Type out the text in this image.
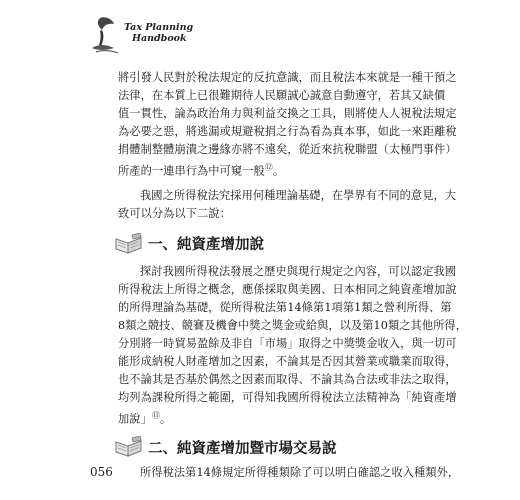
Tax Planning
Handbook

將引發人民對於稅法規定的反抗意識，而且稅法本來就是一種干預之
法律，在本質上已很難期待人民願誠心誠意自動遵守，若其又缺價
值一貫性，論為政治角力與利益交換之工具，則將使人人視稅法規定
為必要之惡，將逃漏或規避稅捐之行為看為真本事，如此一來距離稅
捐體制整體崩潰之邊緣亦將不遠矣，從近來抗稅聯盟（太極門事件）
所產的一連串行為中可窺一般⑫。

我國之所得稅法究採用何種理論基礎，在學界有不同的意見，大
致可以分為以下二說：

一、純資產增加說

探討我國所得稅法發展之歷史與現行規定之內容，可以認定我國
所得稅法上所得之概念，應係採取與美國、日本相同之純資產增加說
的所得理論為基礎，從所得稅法第14條第1項第1類之營利所得、第
8類之競技、競賽及機會中獎之獎金或給與，以及第10類之其他所得，
分別將一時貿易盈餘及非自「市場」取得之中獎獎金收入，與一切可
能形成納稅人財產增加之因素，不論其是否因其營業或職業而取得，
也不論其是否基於偶然之因素而取得、不論其為合法或非法之取得，
均列為課稅所得之範圍，可得知我國所得稅法立法精神為「純資產增
加說」⑬。

二、純資產增加暨市場交易說

所得稅法第14條規定所得種類除了可以明白確認之收入種類外，

056
